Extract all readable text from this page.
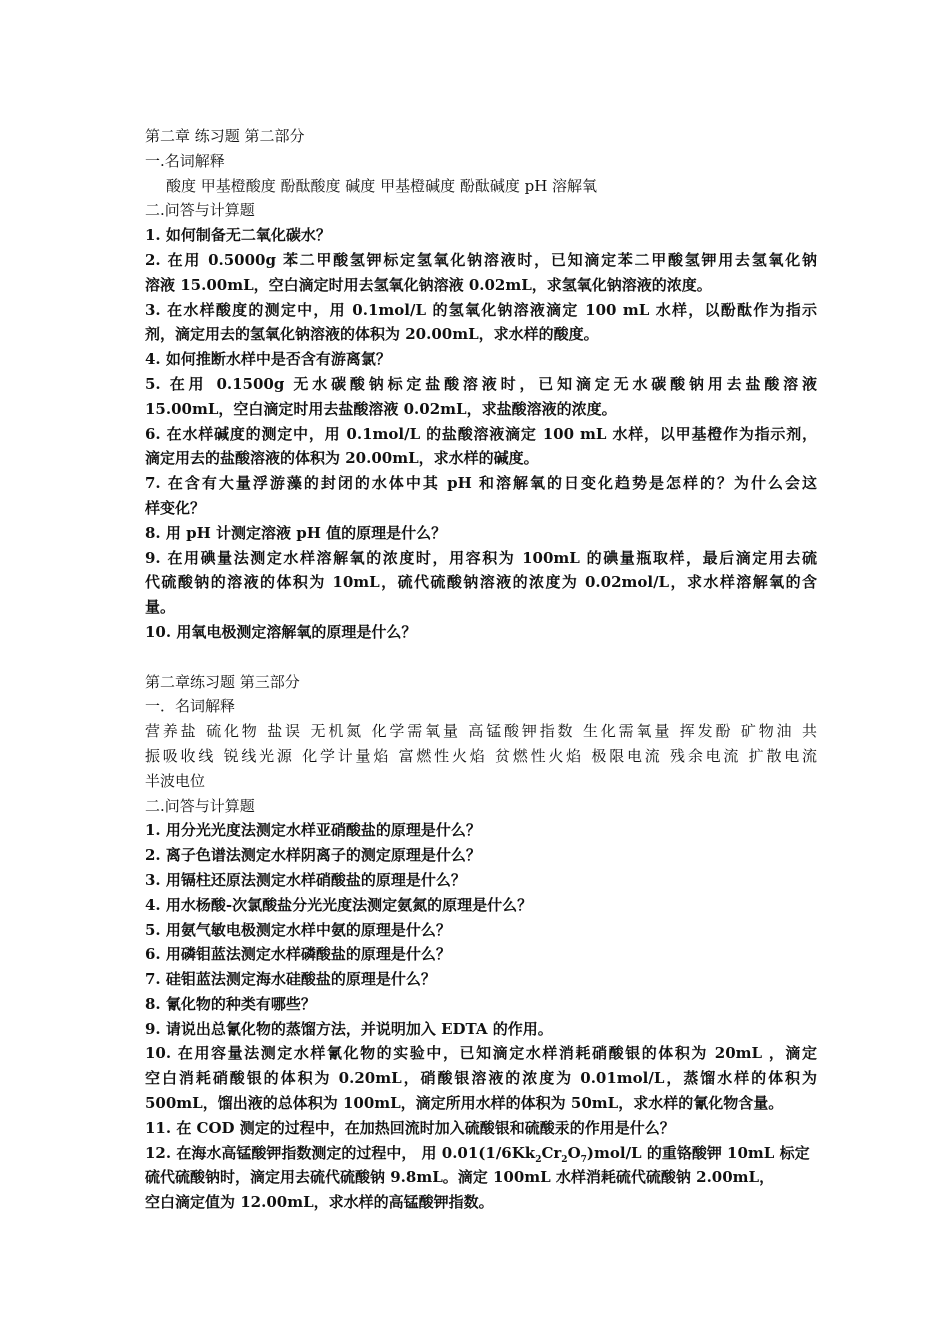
第二章 练习题 第二部分
一.名词解释
酸度 甲基橙酸度 酚酞酸度 碱度 甲基橙碱度 酚酞碱度 pH 溶解氧
二.问答与计算题
1. 如何制备无二氧化碳水？
2. 在用 0.5000g 苯二甲酸氢钾标定氢氧化钠溶液时，已知滴定苯二甲酸氢钾用去氢氧化钠
溶液 15.00mL，空白滴定时用去氢氧化钠溶液 0.02mL，求氢氧化钠溶液的浓度。
3. 在水样酸度的测定中，用 0.1mol/L 的氢氧化钠溶液滴定 100 mL 水样，以酚酞作为指示
剂，滴定用去的氢氧化钠溶液的体积为 20.00mL，求水样的酸度。
4. 如何推断水样中是否含有游离氯？
5. 在用 0.1500g 无水碳酸钠标定盐酸溶液时，已知滴定无水碳酸钠用去盐酸溶液
15.00mL，空白滴定时用去盐酸溶液 0.02mL，求盐酸溶液的浓度。
6. 在水样碱度的测定中，用 0.1mol/L 的盐酸溶液滴定 100 mL 水样，以甲基橙作为指示剂，
滴定用去的盐酸溶液的体积为 20.00mL，求水样的碱度。
7. 在含有大量浮游藻的封闭的水体中其 pH 和溶解氧的日变化趋势是怎样的？为什么会这
样变化？
8. 用 pH 计测定溶液 pH 值的原理是什么？
9. 在用碘量法测定水样溶解氧的浓度时，用容积为 100mL 的碘量瓶取样，最后滴定用去硫
代硫酸钠的溶液的体积为 10mL，硫代硫酸钠溶液的浓度为 0.02mol/L，求水样溶解氧的含
量。
10. 用氧电极测定溶解氧的原理是什么？
第二章练习题 第三部分
一．名词解释
营养盐 硫化物 盐误 无机氮 化学需氧量 高锰酸钾指数 生化需氧量 挥发酚 矿物油 共
振吸收线 锐线光源 化学计量焰 富燃性火焰 贫燃性火焰 极限电流 残余电流 扩散电流
半波电位
二.问答与计算题
1. 用分光光度法测定水样亚硝酸盐的原理是什么？
2. 离子色谱法测定水样阴离子的测定原理是什么？
3. 用镉柱还原法测定水样硝酸盐的原理是什么？
4. 用水杨酸-次氯酸盐分光光度法测定氨氮的原理是什么？
5. 用氨气敏电极测定水样中氨的原理是什么？
6. 用磷钼蓝法测定水样磷酸盐的原理是什么？
7. 硅钼蓝法测定海水硅酸盐的原理是什么？
8. 氰化物的种类有哪些？
9. 请说出总氰化物的蒸馏方法，并说明加入 EDTA 的作用。
10. 在用容量法测定水样氰化物的实验中，已知滴定水样消耗硝酸银的体积为 20mL ，滴定
空白消耗硝酸银的体积为 0.20mL，硝酸银溶液的浓度为 0.01mol/L，蒸馏水样的体积为
500mL，馏出液的总体积为 100mL，滴定所用水样的体积为 50mL，求水样的氰化物含量。
11. 在 COD 测定的过程中，在加热回流时加入硫酸银和硫酸汞的作用是什么？
12. 在海水高锰酸钾指数测定的过程中， 用 $0.01(1/6Kk_2Cr_2O_7)mol/L$ 的重铬酸钾 10mL 标定
硫代硫酸钠时，滴定用去硫代硫酸钠 9.8mL。滴定 100mL 水样消耗硫代硫酸钠 2.00mL，
空白滴定值为 12.00mL，求水样的高锰酸钾指数。
